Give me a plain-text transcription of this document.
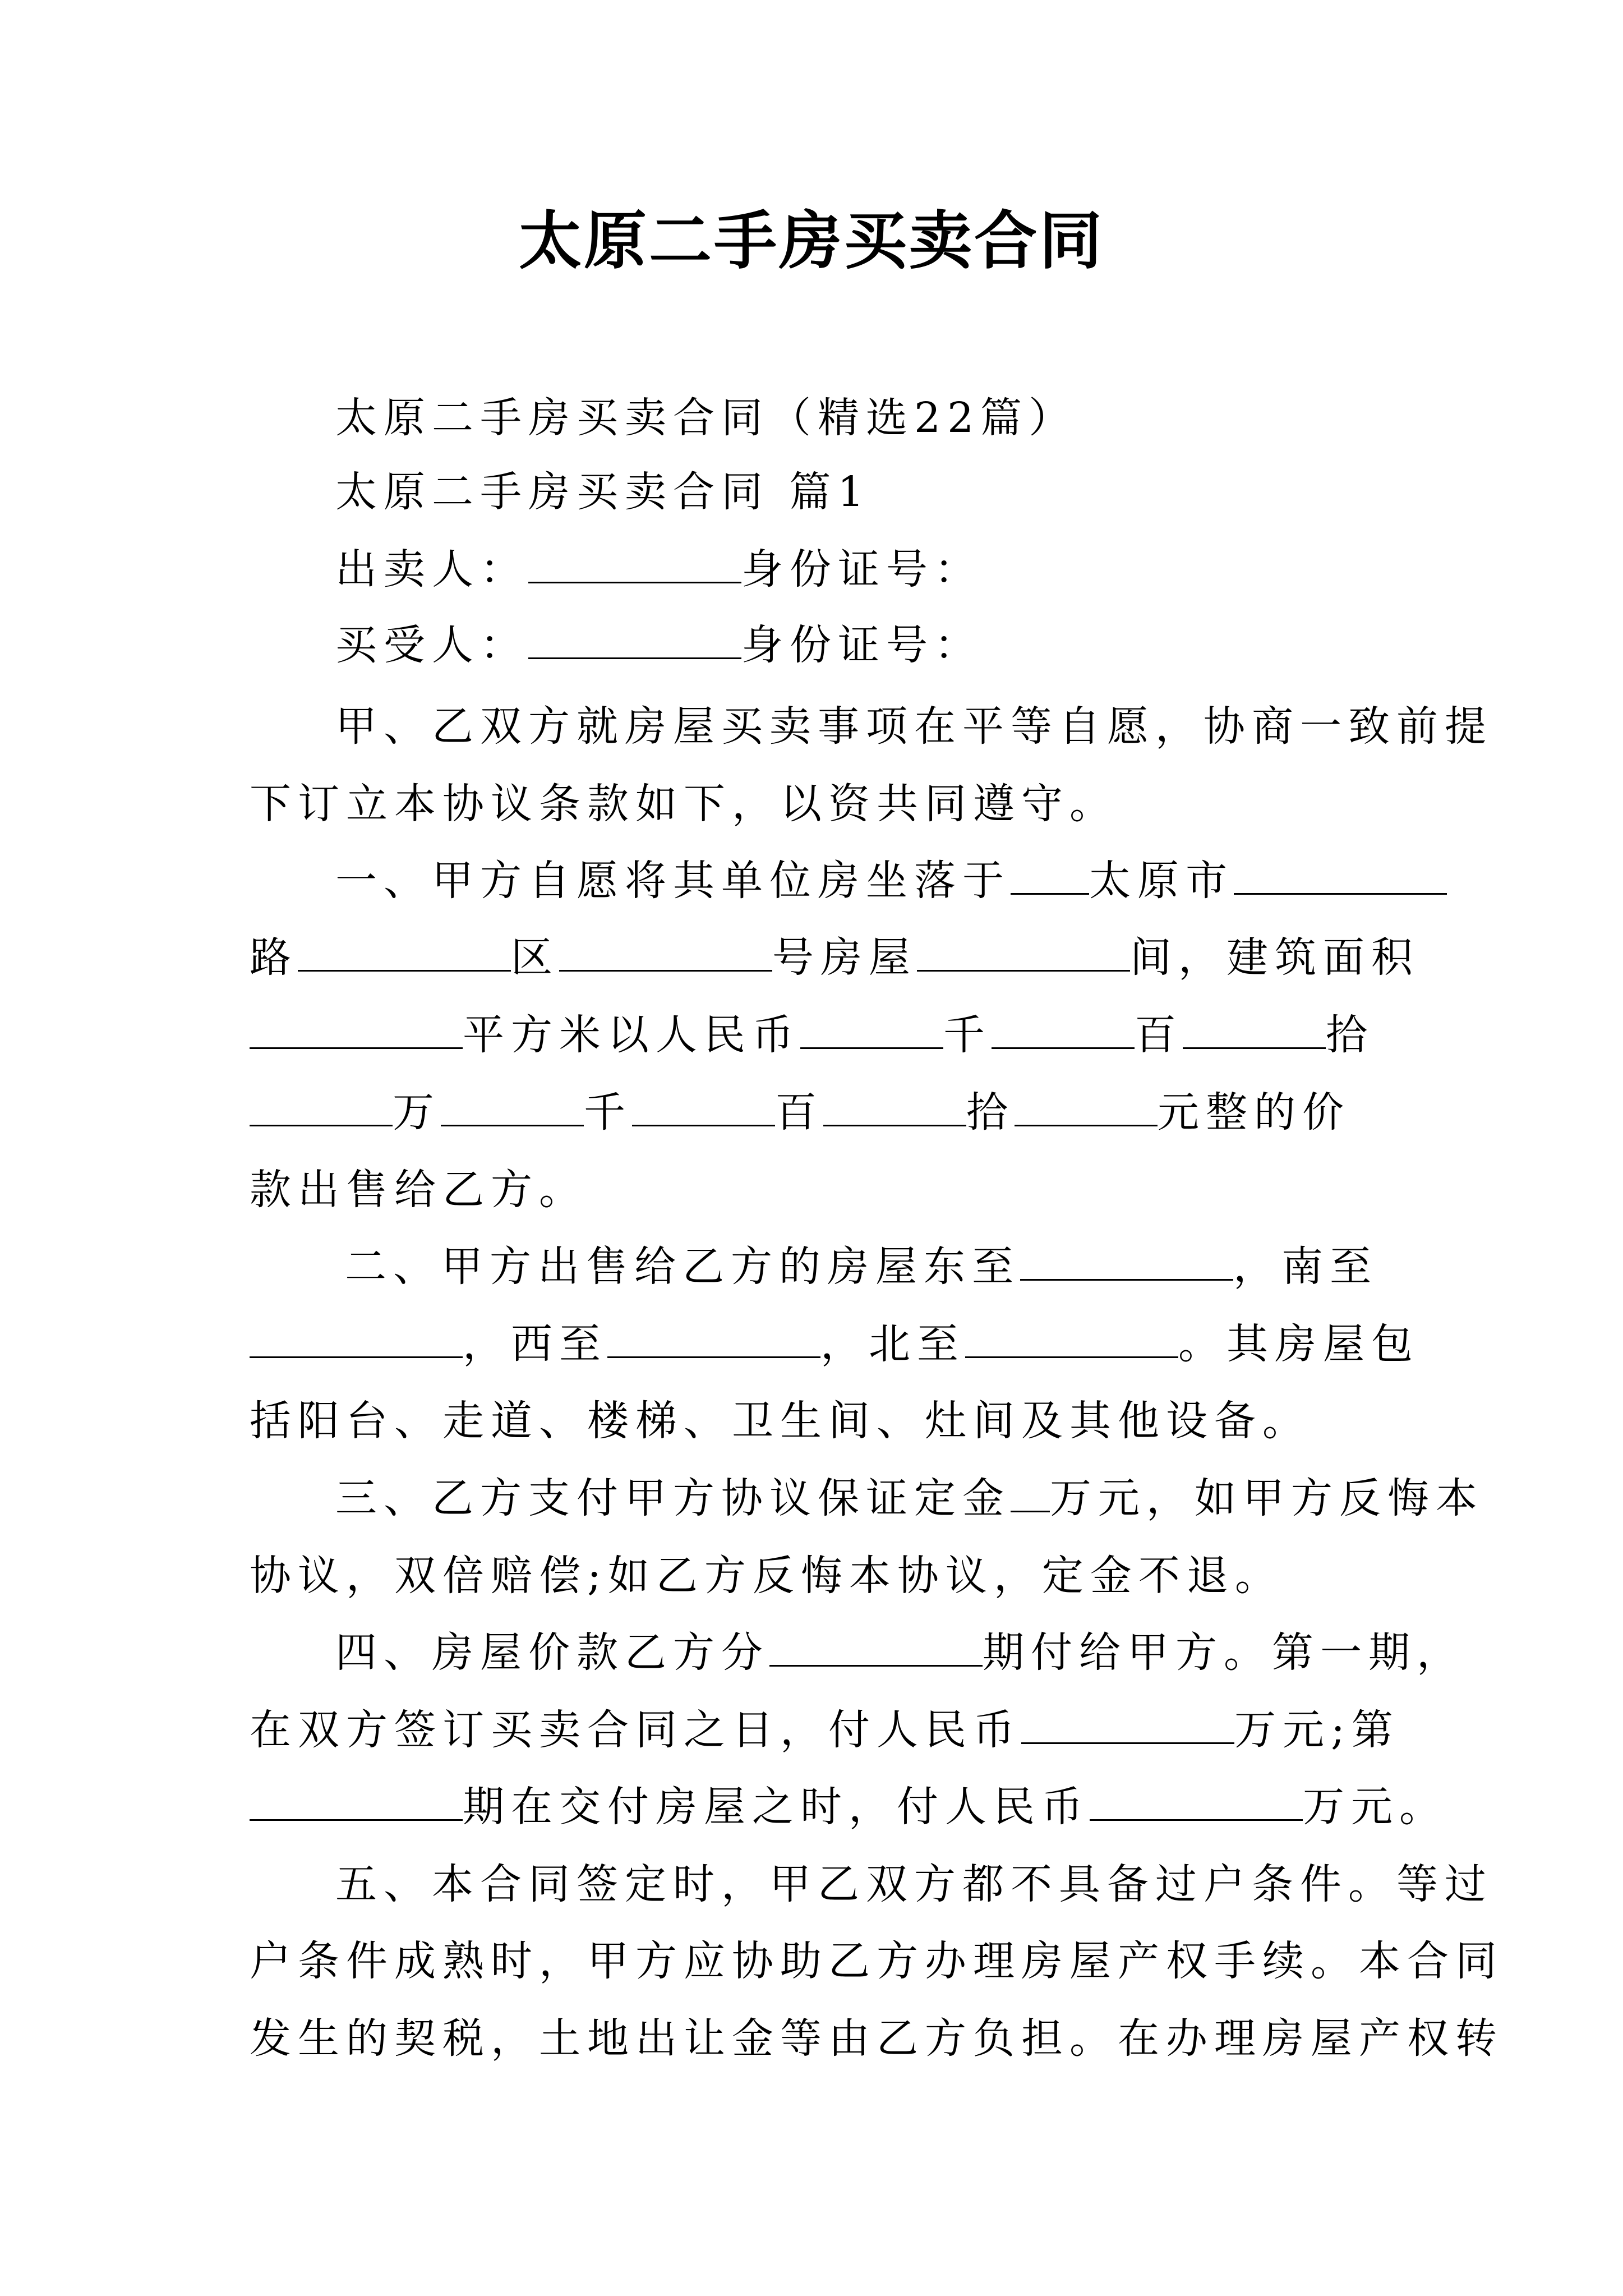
太原二手房买卖合同
太原二手房买卖合同（精选22篇）
太原二手房买卖合同 篇1
出卖人：	身份证号：
买受人：	身份证号：
甲、乙双方就房屋买卖事项在平等自愿，协商一致前提
下订立本协议条款如下，以资共同遵守。
一、甲方自愿将其单位房坐落于 太原市
路	区	号房屋	间，建筑面积
平方米以人民币	千	百	拾
万	千	百	拾	元整的价
款出售给乙方。
二、甲方出售给乙方的房屋东至	，南至
，西至	，北至	。其房屋包
括阳台、走道、楼梯、卫生间、灶间及其他设备。
三、乙方支付甲方协议保证定金 万元，如甲方反悔本
协议，双倍赔偿;如乙方反悔本协议，定金不退。
四、房屋价款乙方分	期付给甲方。第一期，
在双方签订买卖合同之日，付人民币	万元;第
期在交付房屋之时，付人民币	万元。
五、本合同签定时，甲乙双方都不具备过户条件。等过
户条件成熟时，甲方应协助乙方办理房屋产权手续。本合同
发生的契税，土地出让金等由乙方负担。在办理房屋产权转
